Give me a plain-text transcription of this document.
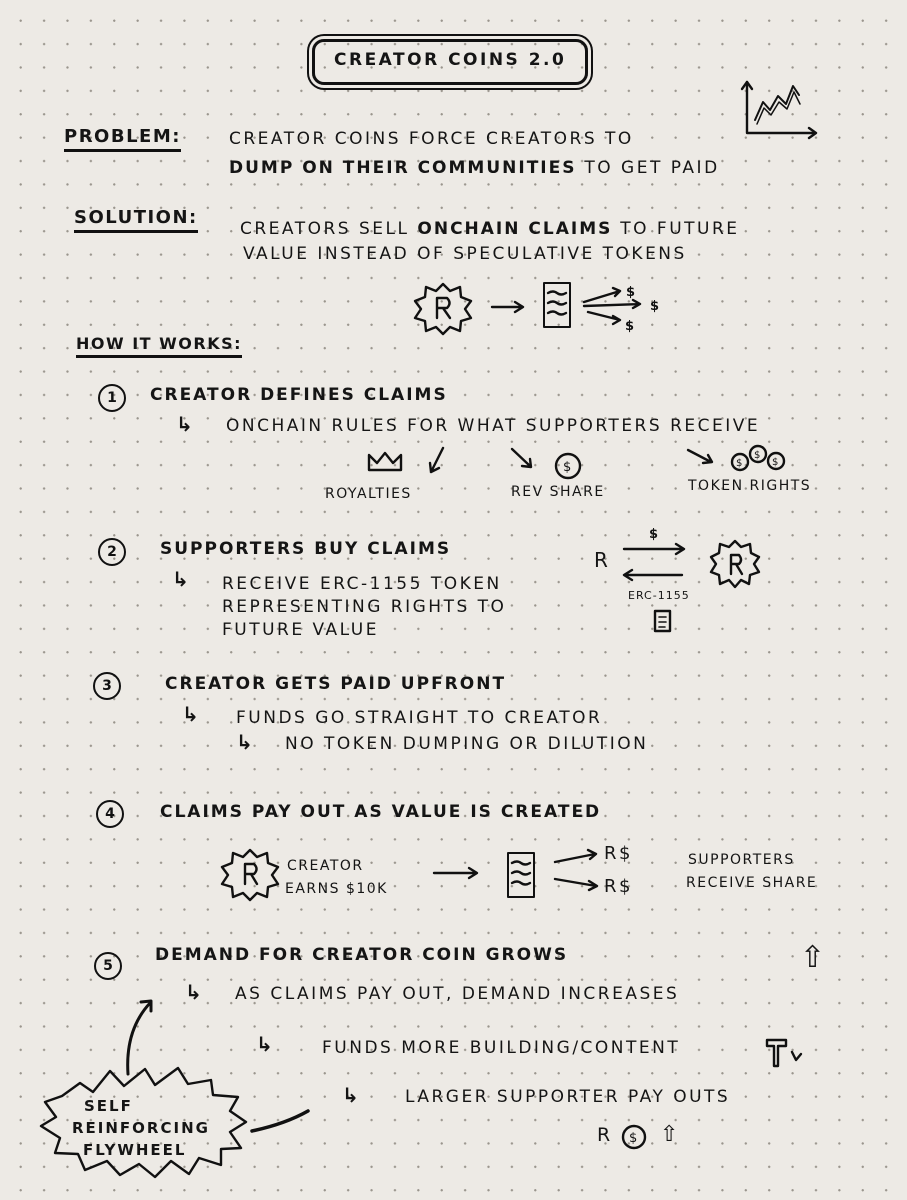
CREATOR COINS 2.0
PROBLEM:	CREATOR COINS FORCE CREATORS TO
DUMP ON THEIR COMMUNITIES TO GET PAID
SOLUTION:
CREATORS SELL ONCHAIN CLAIMS TO FUTURE
VALUE INSTEAD OF SPECULATIVE TOKENS
HOW IT WORKS:
1	CREATOR DEFINES CLAIMS
↳ ONCHAIN RULES FOR WHAT SUPPORTERS RECEIVE
ROYALTIES	REV SHARE	TOKEN RIGHTS
2	SUPPORTERS BUY CLAIMS
↳ RECEIVE ERC-1155 TOKEN
REPRESENTING RIGHTS TO
FUTURE VALUE
R
$
ERC-1155
3	CREATOR GETS PAID UPFRONT
↳ FUNDS GO STRAIGHT TO CREATOR
↳ NO TOKEN DUMPING OR DILUTION
4	CLAIMS PAY OUT AS VALUE IS CREATED
CREATOR
EARNS $10K
R$
R$
SUPPORTERS
RECEIVE SHARE
5
DEMAND FOR CREATOR COIN GROWS	⇧
↳ AS CLAIMS PAY OUT, DEMAND INCREASES
↳	FUNDS MORE BUILDING/CONTENT
↳	LARGER SUPPORTER PAY OUTS
R ⇧
SELF
REINFORCING
FLYWHEEL
$
$
$
$	$
$
$
$
